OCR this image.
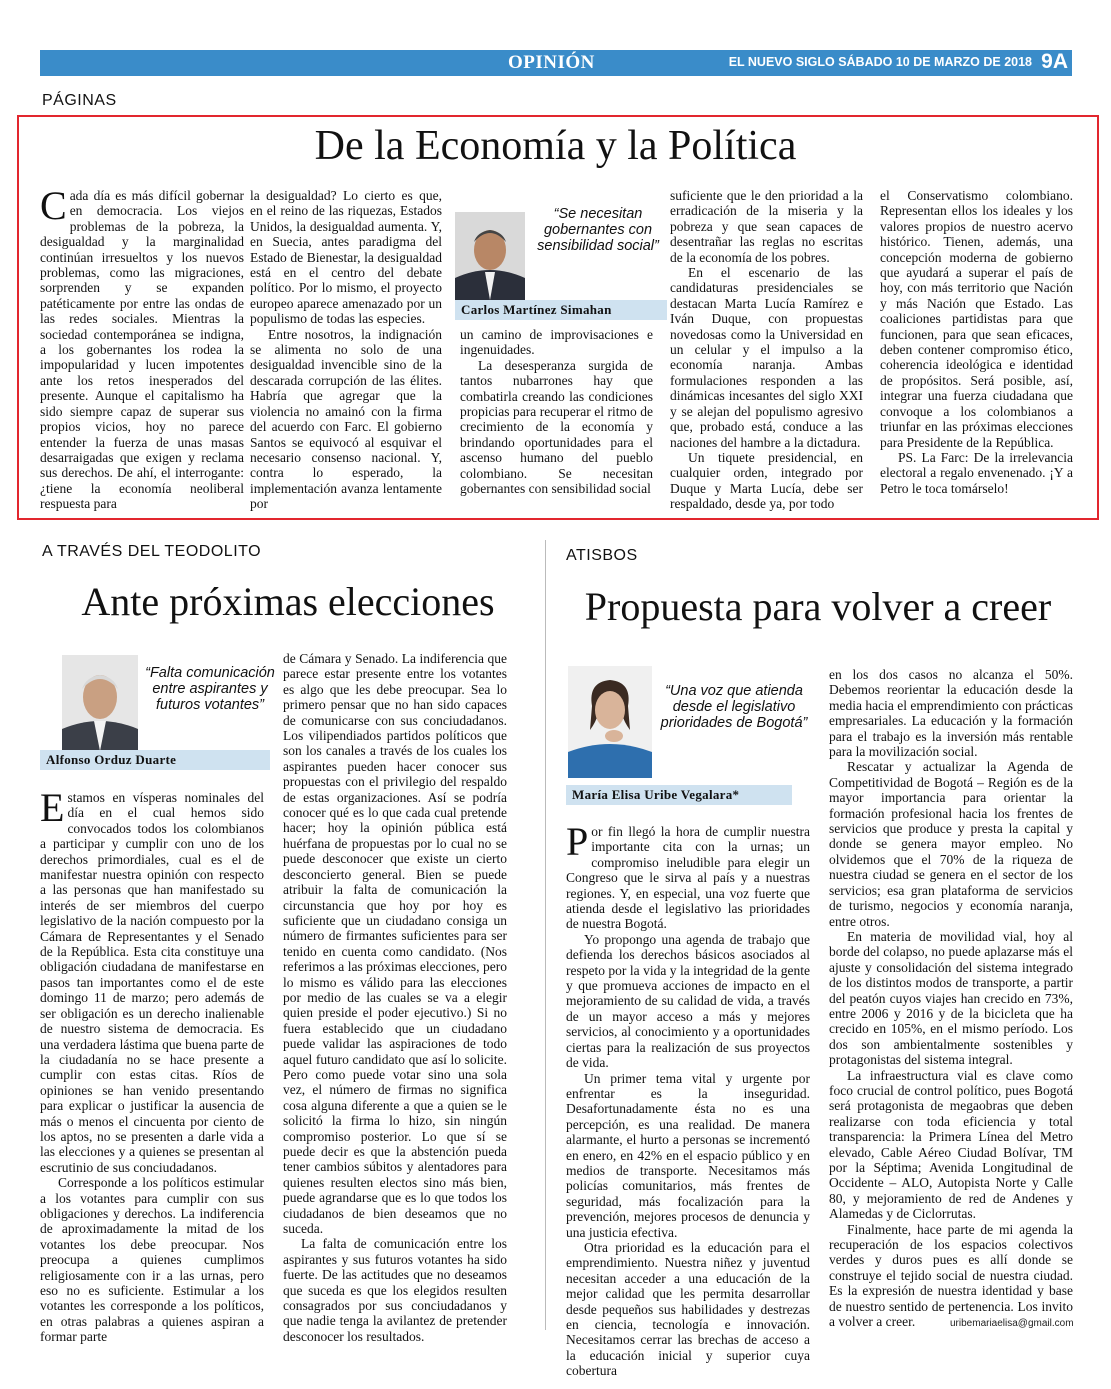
OPINIÓN	EL NUEVO SIGLO SÁBADO 10 DE MARZO DE 2018 9A
PÁGINAS
De la Economía y la Política
C ada día es más difícil gobernar en democracia. Los viejos problemas de la pobreza, la desigualdad y la marginalidad continúan irresueltos y los nuevos problemas, como las migraciones, sorprenden y se expanden patéticamente por entre las ondas de las redes sociales. Mientras la sociedad contemporánea se indigna, a los gobernantes los rodea la impopularidad y lucen impotentes ante los retos inesperados del presente. Aunque el capitalismo ha sido siempre capaz de superar sus propios vicios, hoy no parece entender la fuerza de unas masas desarraigadas que exigen y reclama sus derechos. De ahí, el interrogante: ¿tiene la economía neoliberal respuesta para

la desigualdad? Lo cierto es que, en el reino de las riquezas, Estados Unidos, la desigualdad aumenta. Y, en Suecia, antes paradigma del Estado de Bienestar, la desigualdad está en el centro del debate político. Por lo mismo, el proyecto europeo aparece amenazado por un populismo de todas las especies.

Entre nosotros, la indignación se alimenta no solo de una desigualdad invencible sino de la descarada corrupción de las élites. Habría que agregar que la violencia no amainó con la firma del acuerdo con Farc. El gobierno Santos se equivocó al esquivar el necesario consenso nacional. Y, contra lo esperado, la implementación avanza lentamente por

“Se necesitan gobernantes con sensibilidad social”
Carlos Martínez Simahan

un camino de improvisaciones e ingenuidades.

La desesperanza surgida de tantos nubarrones hay que combatirla creando las condiciones propicias para recuperar el ritmo de crecimiento de la economía y brindando oportunidades para el ascenso humano del pueblo colombiano. Se necesitan gobernantes con sensibilidad social

suficiente que le den prioridad a la erradicación de la miseria y la pobreza y que sean capaces de desentrañar las reglas no escritas de la economía de los pobres.

En el escenario de las candidaturas presidenciales se destacan Marta Lucía Ramírez e Iván Duque, con propuestas novedosas como la Universidad en un celular y el impulso a la economía naranja. Ambas formulaciones responden a las dinámicas incesantes del siglo XXI y se alejan del populismo agresivo que, probado está, conduce a las naciones del hambre a la dictadura.

Un tiquete presidencial, en cualquier orden, integrado por Duque y Marta Lucía, debe ser respaldado, desde ya, por todo

el Conservatismo colombiano. Representan ellos los ideales y los valores propios de nuestro acervo histórico. Tienen, además, una concepción moderna de gobierno que ayudará a superar el país de hoy, con más territorio que Nación y más Nación que Estado. Las coaliciones partidistas para que funcionen, para que sean eficaces, deben contener compromiso ético, coherencia ideológica e identidad de propósitos. Será posible, así, integrar una fuerza ciudadana que convoque a los colombianos a triunfar en las próximas elecciones para Presidente de la República.

PS. La Farc: De la irrelevancia electoral a regalo envenenado. ¡Y a Petro le toca tomárselo!

A TRAVÉS DEL TEODOLITO
Ante próximas elecciones
“Falta comunicación entre aspirantes y futuros votantes”
Alfonso Orduz Duarte
E stamos en vísperas nominales del día en el cual hemos sido convocados todos los colombianos a participar y cumplir con uno de los derechos primordiales, cual es el de manifestar nuestra opinión con respecto a las personas que han manifestado su interés de ser miembros del cuerpo legislativo de la nación compuesto por la Cámara de Representantes y el Senado de la República. Esta cita constituye una obligación ciudadana de manifestarse en pasos tan importantes como el de este domingo 11 de marzo; pero además de ser obligación es un derecho inalienable de nuestro sistema de democracia. Es una verdadera lástima que buena parte de la ciudadanía no se hace presente a cumplir con estas citas. Ríos de opiniones se han venido presentando para explicar o justificar la ausencia de más o menos el cincuenta por ciento de los aptos, no se presenten a darle vida a las elecciones y a quienes se presentan al escrutinio de sus conciudadanos.

Corresponde a los políticos estimular a los votantes para cumplir con sus obligaciones y derechos. La indiferencia de aproximadamente la mitad de los votantes los debe preocupar. Nos preocupa a quienes cumplimos religiosamente con ir a las urnas, pero eso no es suficiente. Estimular a los votantes les corresponde a los políticos, en otras palabras a quienes aspiran a formar parte

de Cámara y Senado. La indiferencia que parece estar presente entre los votantes es algo que les debe preocupar. Sea lo primero pensar que no han sido capaces de comunicarse con sus conciudadanos. Los vilipendiados partidos políticos que son los canales a través de los cuales los aspirantes pueden hacer conocer sus propuestas con el privilegio del respaldo de estas organizaciones. Así se podría conocer qué es lo que cada cual pretende hacer; hoy la opinión pública está huérfana de propuestas por lo cual no se puede desconocer que existe un cierto desconcierto general. Bien se puede atribuir la falta de comunicación la circunstancia que hoy por hoy es suficiente que un ciudadano consiga un número de firmantes suficientes para ser tenido en cuenta como candidato. (Nos referimos a las próximas elecciones, pero lo mismo es válido para las elecciones por medio de las cuales se va a elegir quien preside el poder ejecutivo.) Si no fuera establecido que un ciudadano puede validar las aspiraciones de todo aquel futuro candidato que así lo solicite. Pero como puede votar sino una sola vez, el número de firmas no significa cosa alguna diferente a que a quien se le solicitó la firma lo hizo, sin ningún compromiso posterior. Lo que sí se puede decir es que la abstención pueda tener cambios súbitos y alentadores para quienes resulten electos sino más bien, puede agrandarse que es lo que todos los ciudadanos de bien deseamos que no suceda.

La falta de comunicación entre los aspirantes y sus futuros votantes ha sido fuerte. De las actitudes que no deseamos que suceda es que los elegidos resulten consagrados por sus conciudadanos y que nadie tenga la avilantez de pretender desconocer los resultados.

ATISBOS
Propuesta para volver a creer
“Una voz que atienda desde el legislativo prioridades de Bogotá”
María Elisa Uribe Vegalara*
P or fin llegó la hora de cumplir nuestra importante cita con la urnas; un compromiso ineludible para elegir un Congreso que le sirva al país y a nuestras regiones. Y, en especial, una voz fuerte que atienda desde el legislativo las prioridades de nuestra Bogotá.

Yo propongo una agenda de trabajo que defienda los derechos básicos asociados al respeto por la vida y la integridad de la gente y que promueva acciones de impacto en el mejoramiento de su calidad de vida, a través de un mayor acceso a más y mejores servicios, al conocimiento y a oportunidades ciertas para la realización de sus proyectos de vida.

Un primer tema vital y urgente por enfrentar es la inseguridad. Desafortunadamente ésta no es una percepción, es una realidad. De manera alarmante, el hurto a personas se incrementó en enero, en 42% en el espacio público y en medios de transporte. Necesitamos más policías comunitarios, más frentes de seguridad, más focalización para la prevención, mejores procesos de denuncia y una justicia efectiva.

Otra prioridad es la educación para el emprendimiento. Nuestra niñez y juventud necesitan acceder a una educación de la mejor calidad que les permita desarrollar desde pequeños sus habilidades y destrezas en ciencia, tecnología e innovación. Necesitamos cerrar las brechas de acceso a la educación inicial y superior cuya cobertura

en los dos casos no alcanza el 50%. Debemos reorientar la educación desde la media hacia el emprendimiento con prácticas empresariales. La educación y la formación para el trabajo es la inversión más rentable para la movilización social.

Rescatar y actualizar la Agenda de Competitividad de Bogotá – Región es de la mayor importancia para orientar la formación profesional hacia los frentes de servicios que produce y presta la capital y donde se genera mayor empleo. No olvidemos que el 70% de la riqueza de nuestra ciudad se genera en el sector de los servicios; esa gran plataforma de servicios de turismo, negocios y economía naranja, entre otros.

En materia de movilidad vial, hoy al borde del colapso, no puede aplazarse más el ajuste y consolidación del sistema integrado de los distintos modos de transporte, a partir del peatón cuyos viajes han crecido en 73%, entre 2006 y 2016 y de la bicicleta que ha crecido en 105%, en el mismo período. Los dos son ambientalmente sostenibles y protagonistas del sistema integral.

La infraestructura vial es clave como foco crucial de control político, pues Bogotá será protagonista de megaobras que deben realizarse con toda eficiencia y total transparencia: la Primera Línea del Metro elevado, Cable Aéreo Ciudad Bolívar, TM por la Séptima; Avenida Longitudinal de Occidente – ALO, Autopista Norte y Calle 80, y mejoramiento de red de Andenes y Alamedas y de Ciclorrutas.

Finalmente, hace parte de mi agenda la recuperación de los espacios colectivos verdes y duros pues es allí donde se construye el tejido social de nuestra ciudad. Es la expresión de nuestra identidad y base de nuestro sentido de pertenencia. Los invito a volver a creer.	uribemariaelisa@gmail.com
